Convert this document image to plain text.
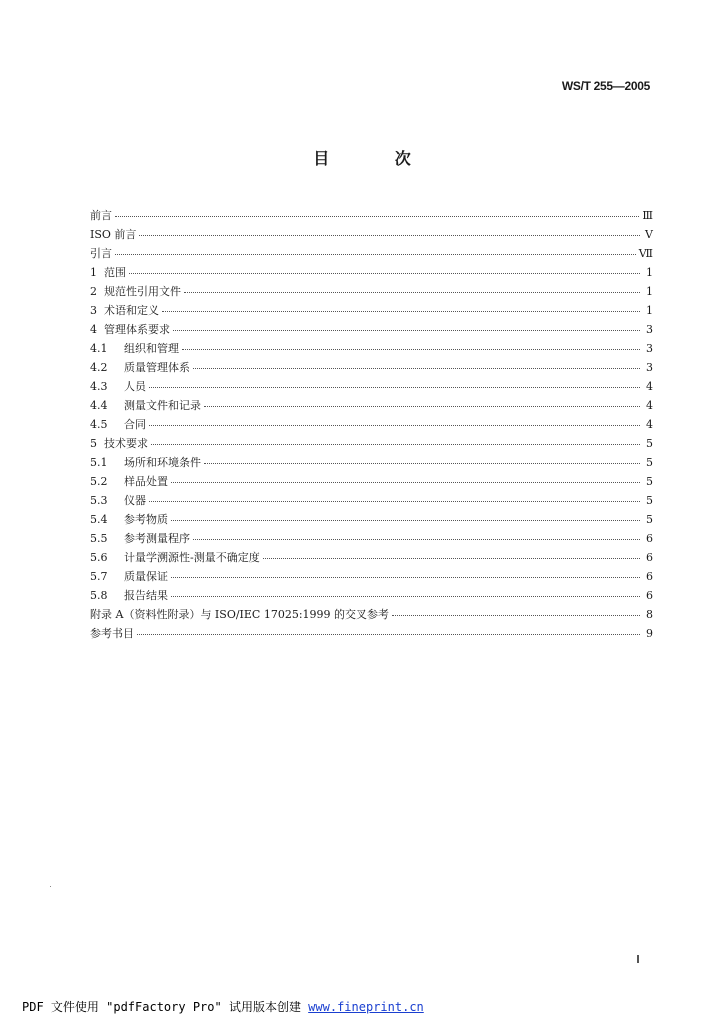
WS/T 255—2005
目 次
前言	Ⅲ
ISO 前言	Ⅴ
引言	Ⅶ
1 范围	1
2 规范性引用文件	1
3 术语和定义	1
4 管理体系要求	3
4.1 组织和管理	3
4.2 质量管理体系	3
4.3 人员	4
4.4 测量文件和记录	4
4.5 合同	4
5 技术要求	5
5.1 场所和环境条件	5
5.2 样品处置	5
5.3 仪器	5
5.4 参考物质	5
5.5 参考测量程序	6
5.6 计量学溯源性-测量不确定度	6
5.7 质量保证	6
5.8 报告结果	6
附录 A（资料性附录）与 ISO/IEC 17025:1999 的交叉参考	8
参考书目	9
PDF 文件使用 "pdfFactory Pro" 试用版本创建 www.fineprint.cn
